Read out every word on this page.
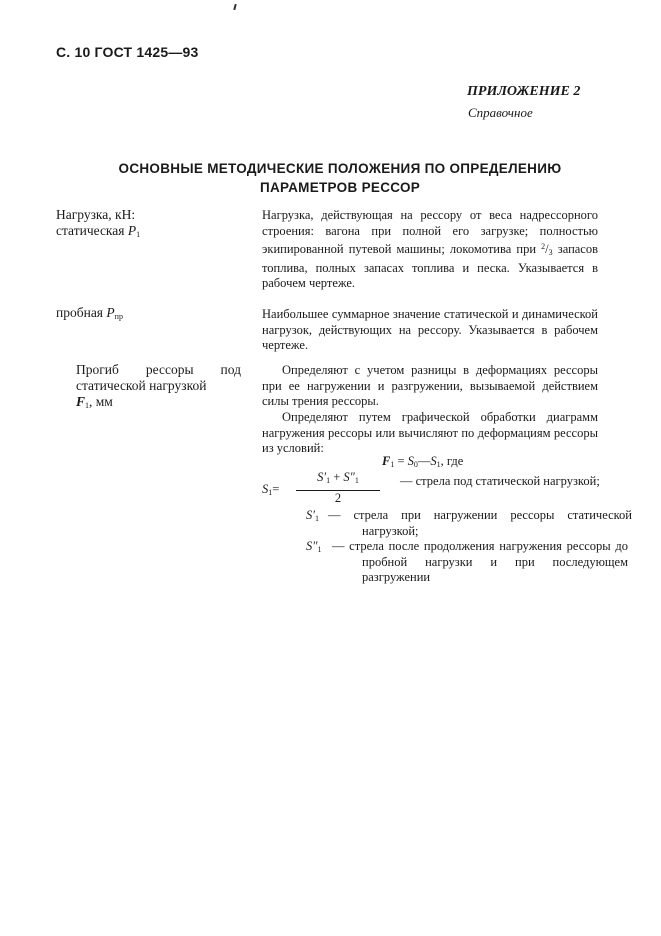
С. 10 ГОСТ 1425—93
ПРИЛОЖЕНИЕ 2
Справочное
ОСНОВНЫЕ МЕТОДИЧЕСКИЕ ПОЛОЖЕНИЯ ПО ОПРЕДЕЛЕНИЮ
ПАРАМЕТРОВ РЕССОР
Нагрузка, кН:
статическая $P_1$
Нагрузка, действующая на рессору от веса надрессорного строения: вагона при полной его загрузке; полностью экипированной путевой машины; локомотива при $^2/_3$ запасов топлива, полных запасах топлива и песка. Указывается в рабочем чертеже.
пробная $P_{пр}$	Наибольшее суммарное значение статической и динамической нагрузок, действующих на рессору. Указывается в рабочем чертеже.
Прогиб рессоры под статической нагрузкой
$F_1$, мм
Определяют с учетом разницы в деформациях рессоры при ее нагружении и разгружении, вызываемой действием силы трения рессоры.
Определяют путем графической обработки диаграмм нагружения рессоры или вычисляют по деформациям рессоры из условий:
$F_1$ = $S_0—S_1$, где
$S_1= \frac{S'_1 + S''_1}{2}$ — стрела под статической нагрузкой;
$S'_1$ — стрела при нагружении рессоры статической нагрузкой;
$S''_1$ — стрела после продолжения нагружения рессоры до пробной нагрузки и при последующем разгружении
